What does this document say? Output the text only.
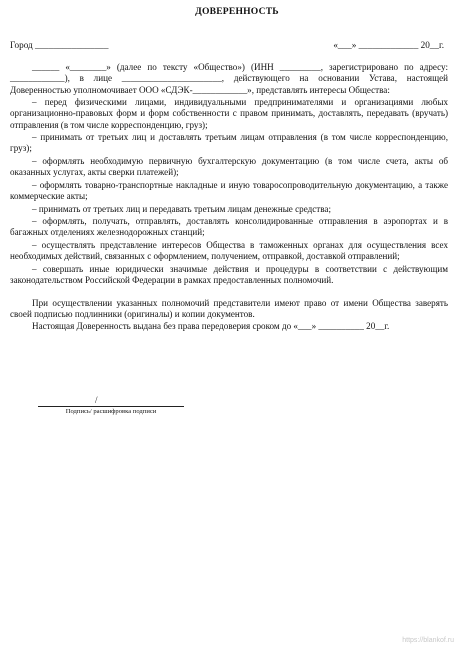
ДОВЕРЕННОСТЬ
Город ________________	«___» _____________ 20__г.

______ «________» (далее по тексту «Общество») (ИНН _________, зарегистрировано по адресу: ____________), в лице ______________________, действующего на основании Устава, настоящей Доверенностью уполномочивает ООО «СДЭК-____________», представлять интересы Общества:

– перед физическими лицами, индивидуальными предпринимателями и организациями любых организационно-правовых форм и форм собственности с правом принимать, доставлять, передавать (вручать) отправления (в том числе корреспонденцию, груз);

– принимать от третьих лиц и доставлять третьим лицам отправления (в том числе корреспонденцию, груз);

– оформлять необходимую первичную бухгалтерскую документацию (в том числе счета, акты об оказанных услугах, акты сверки платежей);

– оформлять товарно-транспортные накладные и иную товаросопроводительную документацию, а также коммерческие акты;

– принимать от третьих лиц и передавать третьим лицам денежные средства;

– оформлять, получать, отправлять, доставлять консолидированные отправления в аэропортах и в багажных отделениях железнодорожных станций;

– осуществлять представление интересов Общества в таможенных органах для осуществления всех необходимых действий, связанных с оформлением, получением, отправкой, доставкой отправлений;

– совершать иные юридически значимые действия и процедуры в соответствии с действующим законодательством Российской Федерации в рамках предоставленных полномочий.

При осуществлении указанных полномочий представители имеют право от имени Общества заверять своей подписью подлинники (оригиналы) и копии документов.

Настоящая Доверенность выдана без права передоверия сроком до «___» __________ 20__г.

/
Подпись/ расшифровка подписи
https://blankof.ru
